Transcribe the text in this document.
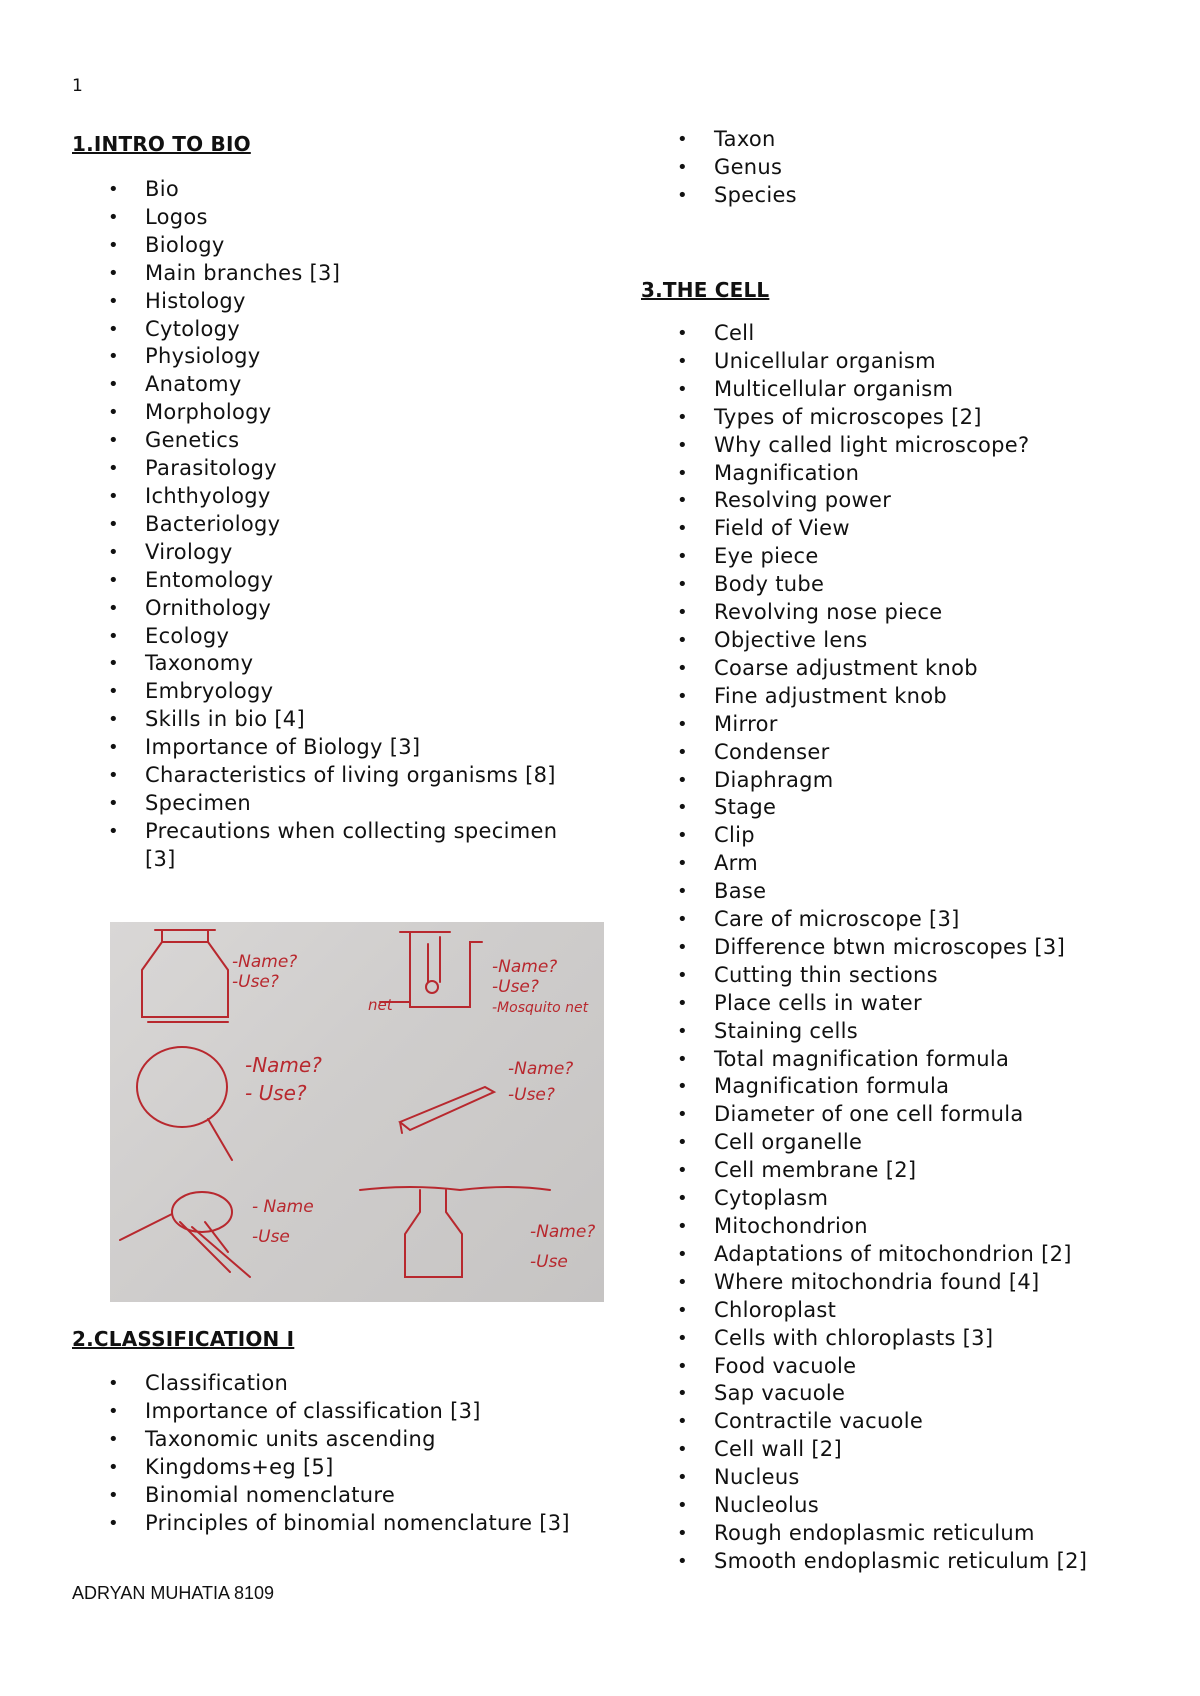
1
1.INTRO TO BIO
• Bio
• Logos
• Biology
• Main branches [3]
• Histology
• Cytology
• Physiology
• Anatomy
• Morphology
• Genetics
• Parasitology
• Ichthyology
• Bacteriology
• Virology
• Entomology
• Ornithology
• Ecology
• Taxonomy
• Embryology
• Skills in bio [4]
• Importance of Biology [3]
• Characteristics of living organisms [8]
• Specimen
• Precautions when collecting specimen [3]
-Name?
-Use?
-Name?
-Use?
-Mosquito net
net
-Name?
- Use?
-Name?
-Use?
- Name
-Use	-Name?
-Use
2.CLASSIFICATION I
• Classification
• Importance of classification [3]
• Taxonomic units ascending
• Kingdoms+eg [5]
• Binomial nomenclature
• Principles of binomial nomenclature [3]
• Taxon
• Genus
• Species
3.THE CELL
• Cell
• Unicellular organism
• Multicellular organism
• Types of microscopes [2]
• Why called light microscope?
• Magnification
• Resolving power
• Field of View
• Eye piece
• Body tube
• Revolving nose piece
• Objective lens
• Coarse adjustment knob
• Fine adjustment knob
• Mirror
• Condenser
• Diaphragm
• Stage
• Clip
• Arm
• Base
• Care of microscope [3]
• Difference btwn microscopes [3]
• Cutting thin sections
• Place cells in water
• Staining cells
• Total magnification formula
• Magnification formula
• Diameter of one cell formula
• Cell organelle
• Cell membrane [2]
• Cytoplasm
• Mitochondrion
• Adaptations of mitochondrion [2]
• Where mitochondria found [4]
• Chloroplast
• Cells with chloroplasts [3]
• Food vacuole
• Sap vacuole
• Contractile vacuole
• Cell wall [2]
• Nucleus
• Nucleolus
• Rough endoplasmic reticulum
• Smooth endoplasmic reticulum [2]
ADRYAN MUHATIA 8109
